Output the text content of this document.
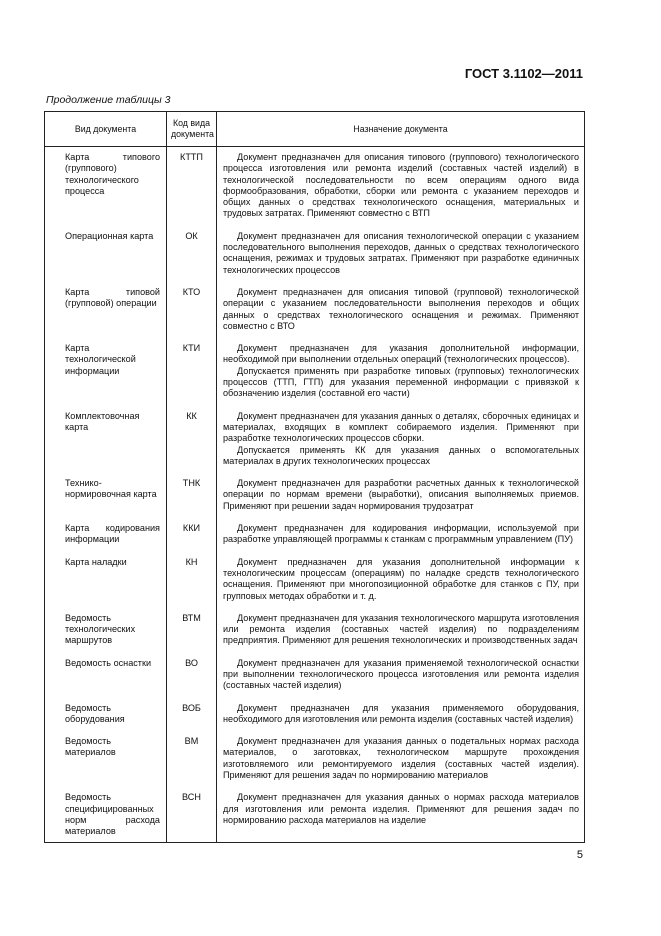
ГОСТ 3.1102—2011
Продолжение таблицы 3
Вид документа	Код вида документа	Назначение документа
Карта типового (группового) технологического процесса	КТТП	Документ предназначен для описания типового (группового) технологического процесса изготовления или ремонта изделий (составных частей изделий) в технологической последовательности по всем операциям одного вида формообразования, обработки, сборки или ремонта с указанием переходов и общих данных о средствах технологического оснащения, материальных и трудовых затратах. Применяют совместно с ВТП

Операционная карта	ОК	Документ предназначен для описания технологической операции с указанием последовательного выполнения переходов, данных о средствах технологического оснащения, режимах и трудовых затратах. Применяют при разработке единичных технологических процессов

Карта типовой (групповой) операции	КТО	Документ предназначен для описания типовой (групповой) технологической операции с указанием последовательности выполнения переходов и общих данных о средствах технологического оснащения и режимах. Применяют совместно с ВТО

Карта технологической информации	КТИ	Документ предназначен для указания дополнительной информации, необходимой при выполнении отдельных операций (технологических процессов).

Допускается применять при разработке типовых (групповых) технологических процессов (ТТП, ГТП) для указания переменной информации с привязкой к обозначению изделия (составной его части)

Комплектовочная карта	КК	Документ предназначен для указания данных о деталях, сборочных единицах и материалах, входящих в комплект собираемого изделия. Применяют при разработке технологических процессов сборки.

Допускается применять КК для указания данных о вспомогательных материалах в других технологических процессах

Технико-нормировочная карта	ТНК	Документ предназначен для разработки расчетных данных к технологической операции по нормам времени (выработки), описания выполняемых приемов. Применяют при решении задач нормирования трудозатрат

Карта кодирования информации	ККИ	Документ предназначен для кодирования информации, используемой при разработке управляющей программы к станкам с программным управлением (ПУ)

Карта наладки	КН	Документ предназначен для указания дополнительной информации к технологическим процессам (операциям) по наладке средств технологического оснащения. Применяют при многопозиционной обработке для станков с ПУ, при групповых методах обработки и т. д.

Ведомость технологических маршрутов	ВТМ	Документ предназначен для указания технологического маршрута изготовления или ремонта изделия (составных частей изделия) по подразделениям предприятия. Применяют для решения технологических и производственных задач

Ведомость оснастки	ВО	Документ предназначен для указания применяемой технологической оснастки при выполнении технологического процесса изготовления или ремонта изделия (составных частей изделия)

Ведомость оборудования	ВОБ	Документ предназначен для указания применяемого оборудования, необходимого для изготовления или ремонта изделия (составных частей изделия)

Ведомость материалов	ВМ	Документ предназначен для указания данных о подетальных нормах расхода материалов, о заготовках, технологическом маршруте прохождения изготовляемого или ремонтируемого изделия (составных частей изделия). Применяют для решения задач по нормированию материалов

Ведомость специфицированных норм расхода материалов	ВСН	Документ предназначен для указания данных о нормах расхода материалов для изготовления или ремонта изделия. Применяют для решения задач по нормированию расхода материалов на изделие

5
